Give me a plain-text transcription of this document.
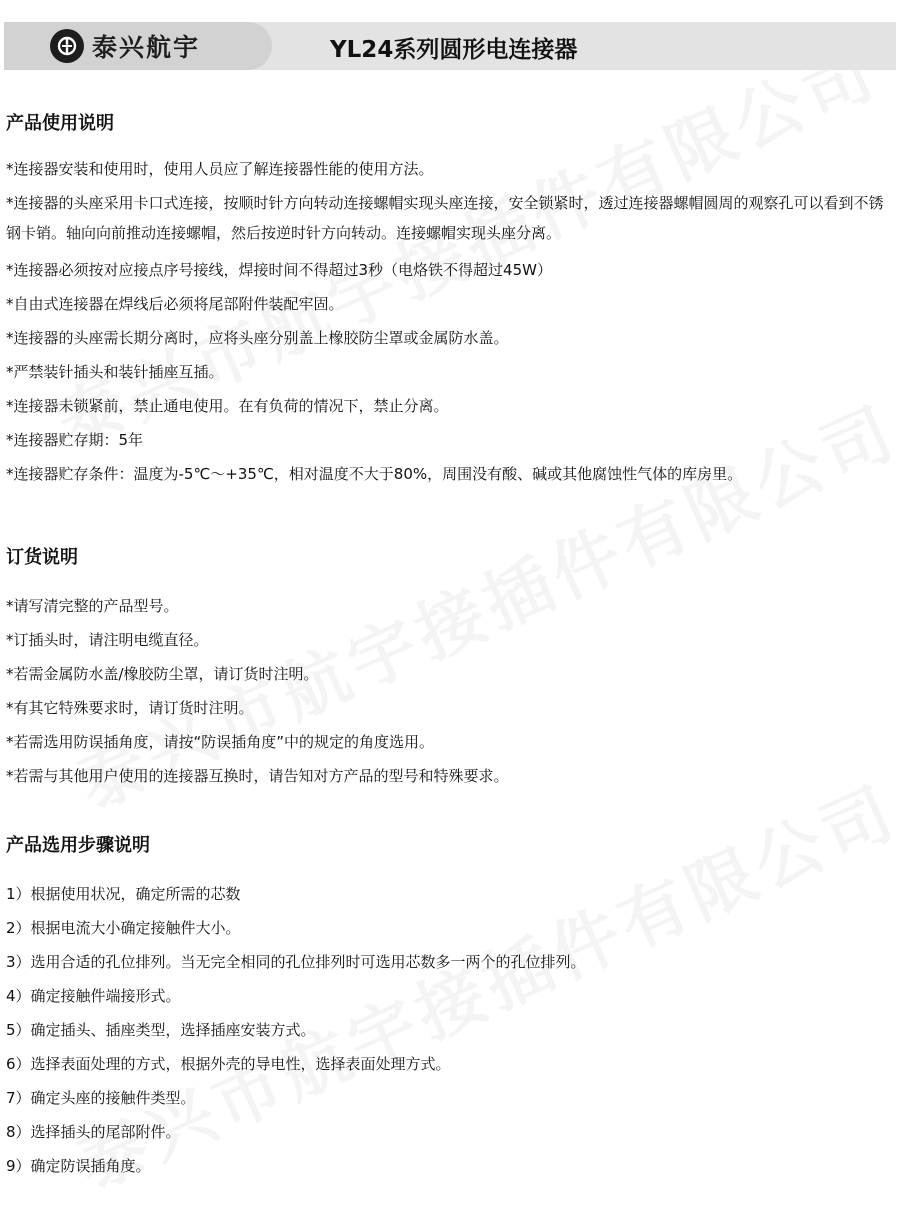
泰兴航宇	YL24系列圆形电连接器

产品使用说明

*连接器安装和使用时，使用人员应了解连接器性能的使用方法。

*连接器的头座采用卡口式连接，按顺时针方向转动连接螺帽实现头座连接，安全锁紧时，透过连接器螺帽圆周的观察孔可以看到不锈钢卡销。轴向向前推动连接螺帽，然后按逆时针方向转动。连接螺帽实现头座分离。

*连接器必须按对应接点序号接线，焊接时间不得超过3秒（电烙铁不得超过45W）

*自由式连接器在焊线后必须将尾部附件装配牢固。

*连接器的头座需长期分离时，应将头座分别盖上橡胶防尘罩或金属防水盖。

*严禁装针插头和装针插座互插。

*连接器未锁紧前，禁止通电使用。在有负荷的情况下，禁止分离。

*连接器贮存期：5年

*连接器贮存条件：温度为-5℃～+35℃，相对温度不大于80%，周围没有酸、碱或其他腐蚀性气体的库房里。

订货说明

*请写清完整的产品型号。

*订插头时，请注明电缆直径。

*若需金属防水盖/橡胶防尘罩，请订货时注明。

*有其它特殊要求时，请订货时注明。

*若需选用防误插角度，请按“防误插角度”中的规定的角度选用。

*若需与其他用户使用的连接器互换时，请告知对方产品的型号和特殊要求。

产品选用步骤说明

1）根据使用状况，确定所需的芯数

2）根据电流大小确定接触件大小。

3）选用合适的孔位排列。当无完全相同的孔位排列时可选用芯数多一两个的孔位排列。

4）确定接触件端接形式。

5）确定插头、插座类型，选择插座安装方式。

6）选择表面处理的方式，根据外壳的导电性，选择表面处理方式。

7）确定头座的接触件类型。

8）选择插头的尾部附件。

9）确定防误插角度。
